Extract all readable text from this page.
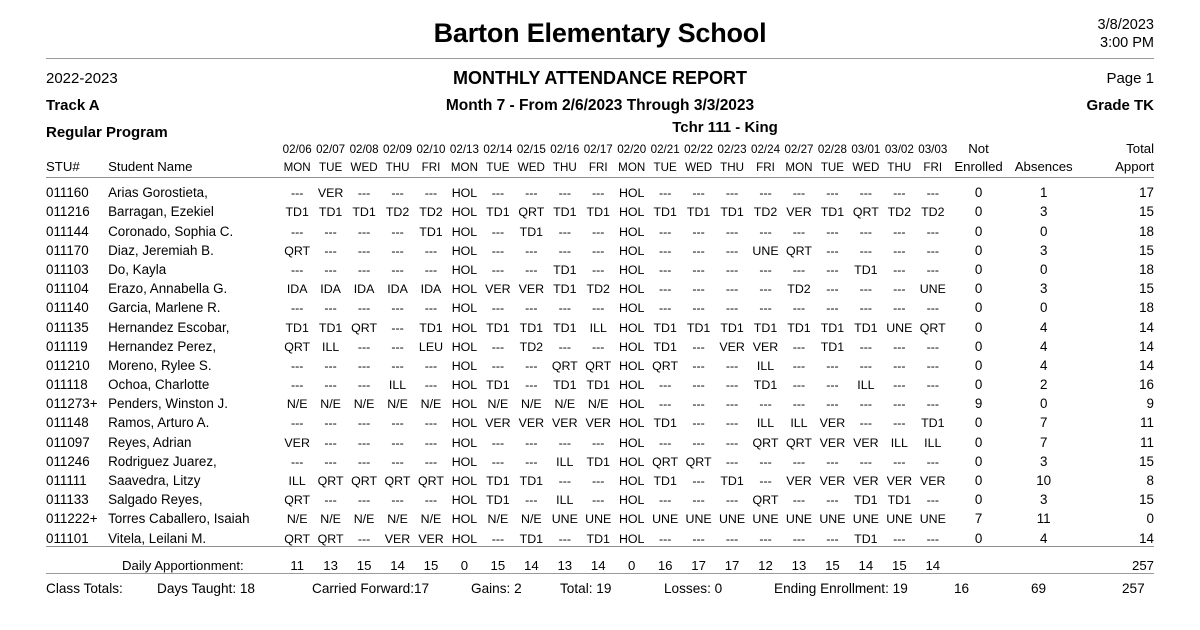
Barton Elementary School	3/8/2023
3:00 PM
2022-2023
Track A
Regular Program
MONTHLY ATTENDANCE REPORT
Month 7 - From 2/6/2023 Through 3/3/2023
Page 1
Grade TK
Tchr 111 - King
		02/06	02/07	02/08	02/09	02/10	02/13	02/14	02/15	02/16	02/17	02/20	02/21	02/22	02/23	02/24	02/27	02/28	03/01	03/02	03/03	Not		Total
STU#	Student Name	MON	TUE	WED	THU	FRI	MON	TUE	WED	THU	FRI	MON	TUE	WED	THU	FRI	MON	TUE	WED	THU	FRI	Enrolled	Absences	Apport
011160	Arias Gorostieta,	---	VER	---	---	---	HOL	---	---	---	---	HOL	---	---	---	---	---	---	---	---	---	0	1	17
011216	Barragan, Ezekiel	TD1	TD1	TD1	TD2	TD2	HOL	TD1	QRT	TD1	TD1	HOL	TD1	TD1	TD1	TD2	VER	TD1	QRT	TD2	TD2	0	3	15
011144	Coronado, Sophia C.	---	---	---	---	TD1	HOL	---	TD1	---	---	HOL	---	---	---	---	---	---	---	---	---	0	0	18
011170	Diaz, Jeremiah B.	QRT	---	---	---	---	HOL	---	---	---	---	HOL	---	---	---	UNE	QRT	---	---	---	---	0	3	15
011103	Do, Kayla	---	---	---	---	---	HOL	---	---	TD1	---	HOL	---	---	---	---	---	---	TD1	---	---	0	0	18
011104	Erazo, Annabella G.	IDA	IDA	IDA	IDA	IDA	HOL	VER	VER	TD1	TD2	HOL	---	---	---	---	TD2	---	---	---	UNE	0	3	15
011140	Garcia, Marlene R.	---	---	---	---	---	HOL	---	---	---	---	HOL	---	---	---	---	---	---	---	---	---	0	0	18
011135	Hernandez Escobar,	TD1	TD1	QRT	---	TD1	HOL	TD1	TD1	TD1	ILL	HOL	TD1	TD1	TD1	TD1	TD1	TD1	TD1	UNE	QRT	0	4	14
011119	Hernandez Perez,	QRT	ILL	---	---	LEU	HOL	---	TD2	---	---	HOL	TD1	---	VER	VER	---	TD1	---	---	---	0	4	14
011210	Moreno, Rylee S.	---	---	---	---	---	HOL	---	---	QRT	QRT	HOL	QRT	---	---	ILL	---	---	---	---	---	0	4	14
011118	Ochoa, Charlotte	---	---	---	ILL	---	HOL	TD1	---	TD1	TD1	HOL	---	---	---	TD1	---	---	ILL	---	---	0	2	16
011273+	Penders, Winston J.	N/E	N/E	N/E	N/E	N/E	HOL	N/E	N/E	N/E	N/E	HOL	---	---	---	---	---	---	---	---	---	9	0	9
011148	Ramos, Arturo A.	---	---	---	---	---	HOL	VER	VER	VER	VER	HOL	TD1	---	---	ILL	ILL	VER	---	---	TD1	0	7	11
011097	Reyes, Adrian	VER	---	---	---	---	HOL	---	---	---	---	HOL	---	---	---	QRT	QRT	VER	VER	ILL	ILL	0	7	11
011246	Rodriguez Juarez,	---	---	---	---	---	HOL	---	---	ILL	TD1	HOL	QRT	QRT	---	---	---	---	---	---	---	0	3	15
011111	Saavedra, Litzy	ILL	QRT	QRT	QRT	QRT	HOL	TD1	TD1	---	---	HOL	TD1	---	TD1	---	VER	VER	VER	VER	VER	0	10	8
011133	Salgado Reyes,	QRT	---	---	---	---	HOL	TD1	---	ILL	---	HOL	---	---	---	QRT	---	---	TD1	TD1	---	0	3	15
011222+	Torres Caballero, Isaiah	N/E	N/E	N/E	N/E	N/E	HOL	N/E	N/E	UNE	UNE	HOL	UNE	UNE	UNE	UNE	UNE	UNE	UNE	UNE	UNE	7	11	0
011101	Vitela, Leilani M.	QRT	QRT	---	VER	VER	HOL	---	TD1	---	TD1	HOL	---	---	---	---	---	---	TD1	---	---	0	4	14
Daily Apportionment:		11	13	15	14	15	0	15	14	13	14	0	16	17	17	12	13	15	14	15	14			257
Class Totals:	Days Taught: 18	Carried Forward:17	Gains: 2	Total: 19	Losses: 0	Ending Enrollment: 19	16	69	257
